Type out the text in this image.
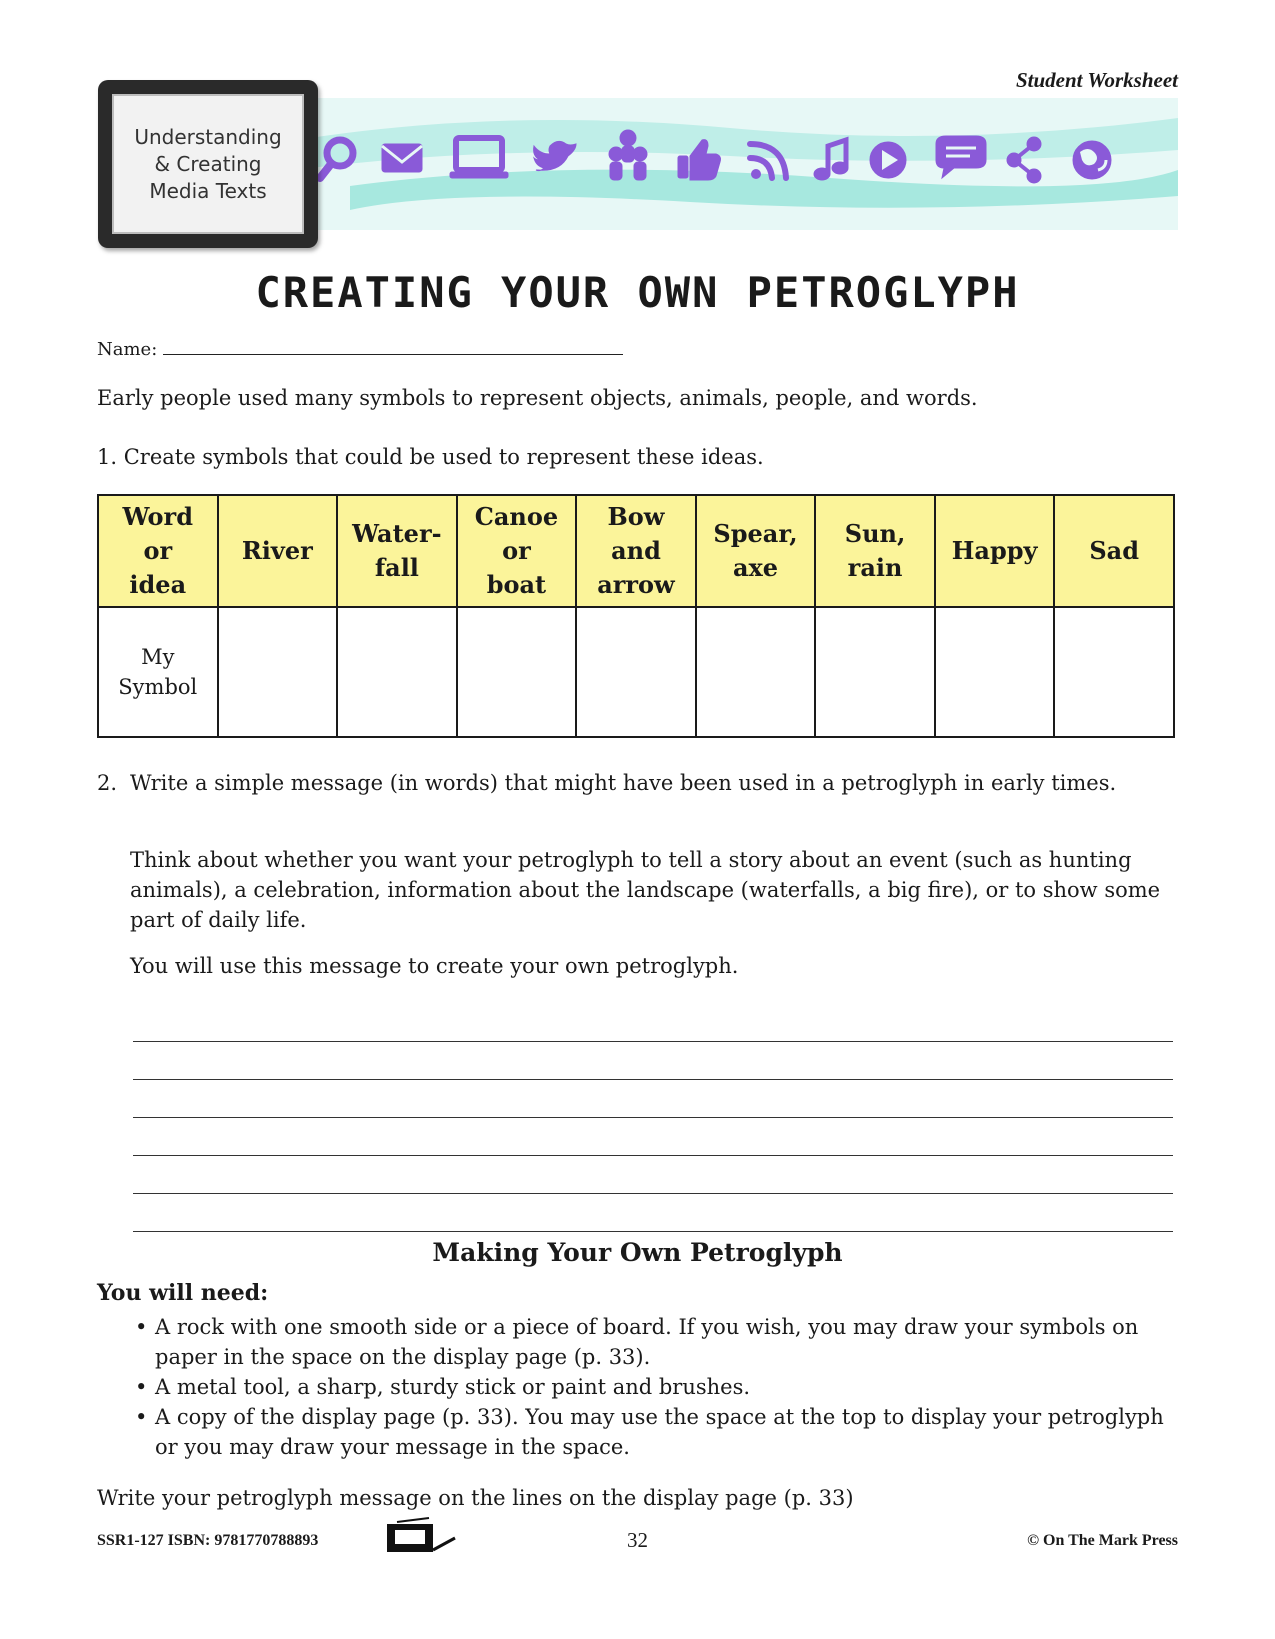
Student Worksheet
Understanding
& Creating
Media Texts
CREATING YOUR OWN PETROGLYPH
Name:
Early people used many symbols to represent objects, animals, people, and words.
1. Create symbols that could be used to represent these ideas.
Word
or
idea	River	Water-
fall	Canoe
or
boat	Bow
and
arrow	Spear,
axe	Sun,
rain	Happy	Sad
My
Symbol								
2. Write a simple message (in words) that might have been used in a petroglyph in early times.
Think about whether you want your petroglyph to tell a story about an event (such as hunting animals), a celebration, information about the landscape (waterfalls, a big fire), or to show some part of daily life.
You will use this message to create your own petroglyph.
Making Your Own Petroglyph
You will need:
• A rock with one smooth side or a piece of board. If you wish, you may draw your symbols on paper in the space on the display page (p. 33).
• A metal tool, a sharp, sturdy stick or paint and brushes.
• A copy of the display page (p. 33). You may use the space at the top to display your petroglyph or you may draw your message in the space.
Write your petroglyph message on the lines on the display page (p. 33)
SSR1-127 ISBN: 9781770788893	32	© On The Mark Press
